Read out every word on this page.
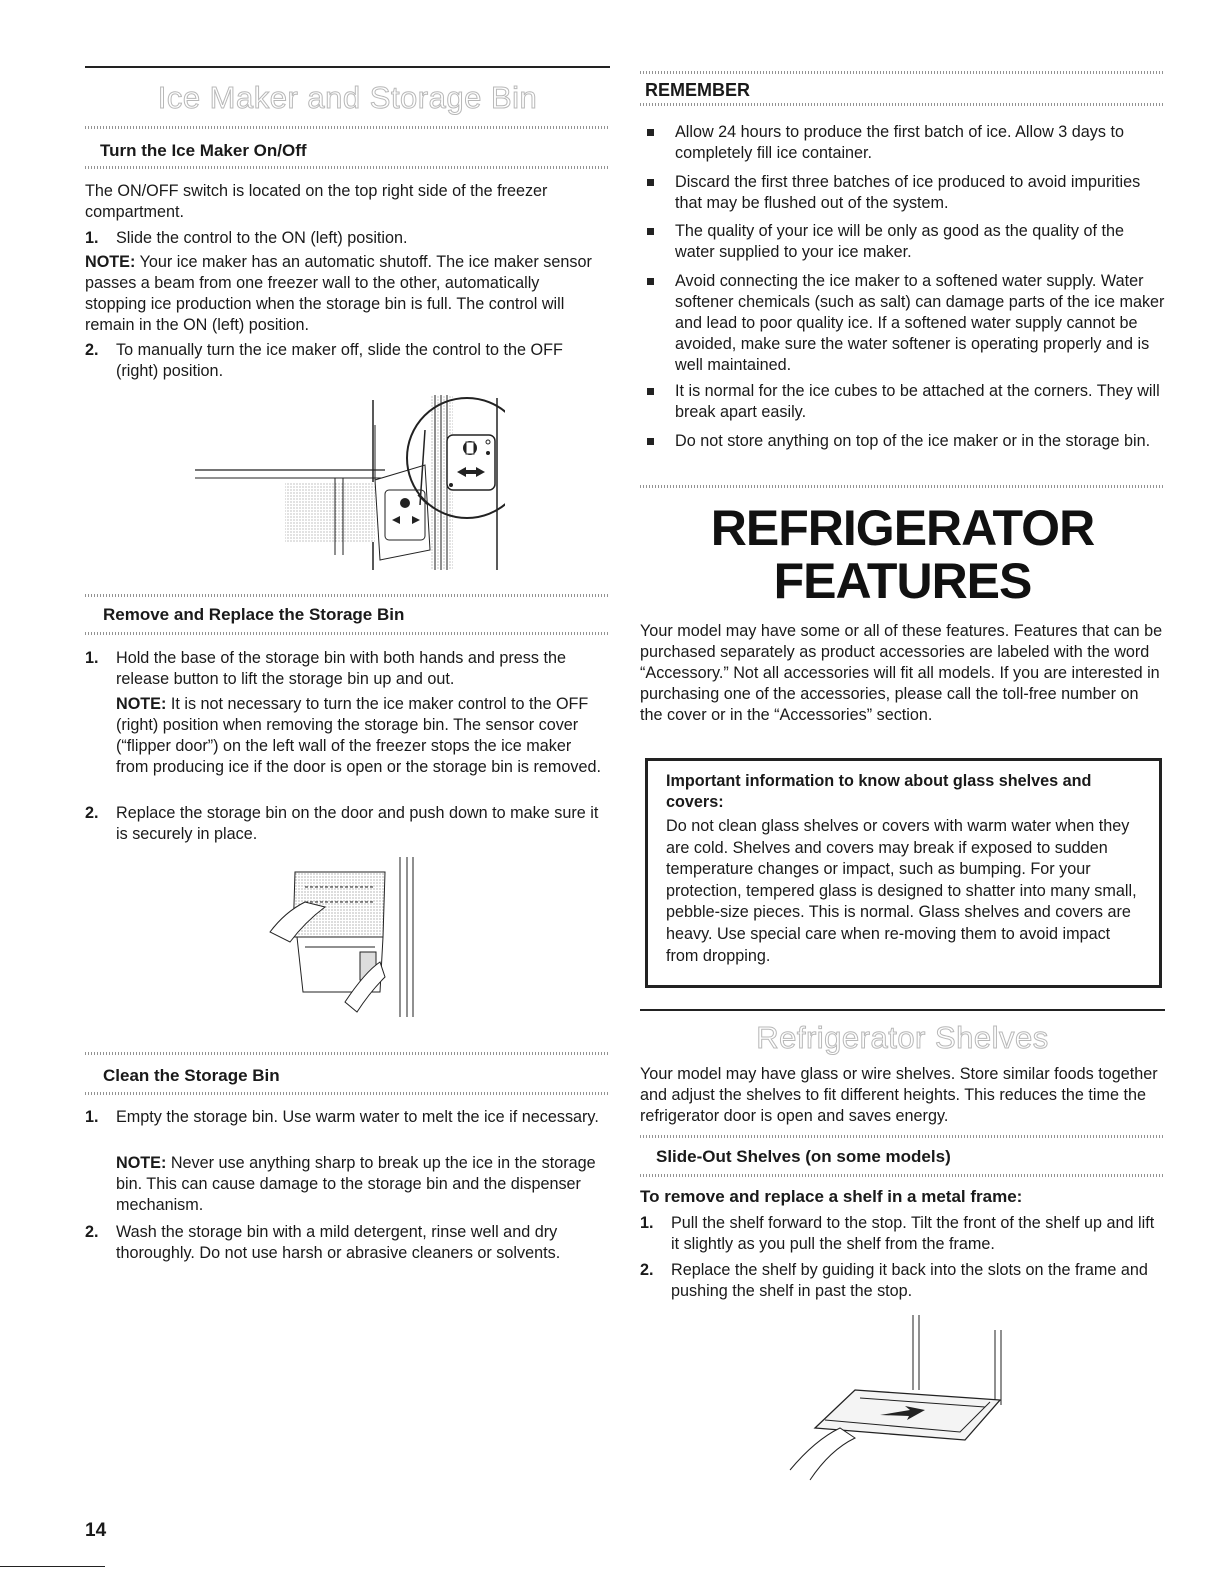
Ice Maker and Storage Bin
Turn the Ice Maker On/Off
The ON/OFF switch is located on the top right side of the freezer compartment.
1. Slide the control to the ON (left) position.
NOTE: Your ice maker has an automatic shutoff. The ice maker sensor passes a beam from one freezer wall to the other, automatically stopping ice production when the storage bin is full. The control will remain in the ON (left) position.
2. To manually turn the ice maker off, slide the control to the OFF (right) position.
Remove and Replace the Storage Bin
1. Hold the base of the storage bin with both hands and press the release button to lift the storage bin up and out.
NOTE: It is not necessary to turn the ice maker control to the OFF (right) position when removing the storage bin. The sensor cover (“flipper door”) on the left wall of the freezer stops the ice maker from producing ice if the door is open or the storage bin is removed.
2. Replace the storage bin on the door and push down to make sure it is securely in place.
Clean the Storage Bin
1. Empty the storage bin. Use warm water to melt the ice if necessary.
NOTE: Never use anything sharp to break up the ice in the storage bin. This can cause damage to the storage bin and the dispenser mechanism.
2. Wash the storage bin with a mild detergent, rinse well and dry thoroughly. Do not use harsh or abrasive cleaners or solvents.
REMEMBER
Allow 24 hours to produce the first batch of ice. Allow 3 days to completely fill ice container.
Discard the first three batches of ice produced to avoid impurities that may be flushed out of the system.
The quality of your ice will be only as good as the quality of the water supplied to your ice maker.
Avoid connecting the ice maker to a softened water supply. Water softener chemicals (such as salt) can damage parts of the ice maker and lead to poor quality ice. If a softened water supply cannot be avoided, make sure the water softener is operating properly and is well maintained.
It is normal for the ice cubes to be attached at the corners. They will break apart easily.
Do not store anything on top of the ice maker or in the storage bin.
REFRIGERATOR
FEATURES
Your model may have some or all of these features. Features that can be purchased separately as product accessories are labeled with the word “Accessory.” Not all accessories will fit all models. If you are interested in purchasing one of the accessories, please call the toll-free number on the cover or in the “Accessories” section.
Important information to know about glass shelves and covers:
Do not clean glass shelves or covers with warm water when they are cold. Shelves and covers may break if exposed to sudden temperature changes or impact, such as bumping. For your protection, tempered glass is designed to shatter into many small, pebble-size pieces. This is normal. Glass shelves and covers are heavy. Use special care when re-moving them to avoid impact from dropping.
Refrigerator Shelves
Your model may have glass or wire shelves. Store similar foods together and adjust the shelves to fit different heights. This reduces the time the refrigerator door is open and saves energy.
Slide-Out Shelves (on some models)
To remove and replace a shelf in a metal frame:
1. Pull the shelf forward to the stop. Tilt the front of the shelf up and lift it slightly as you pull the shelf from the frame.
2. Replace the shelf by guiding it back into the slots on the frame and pushing the shelf in past the stop.
14
